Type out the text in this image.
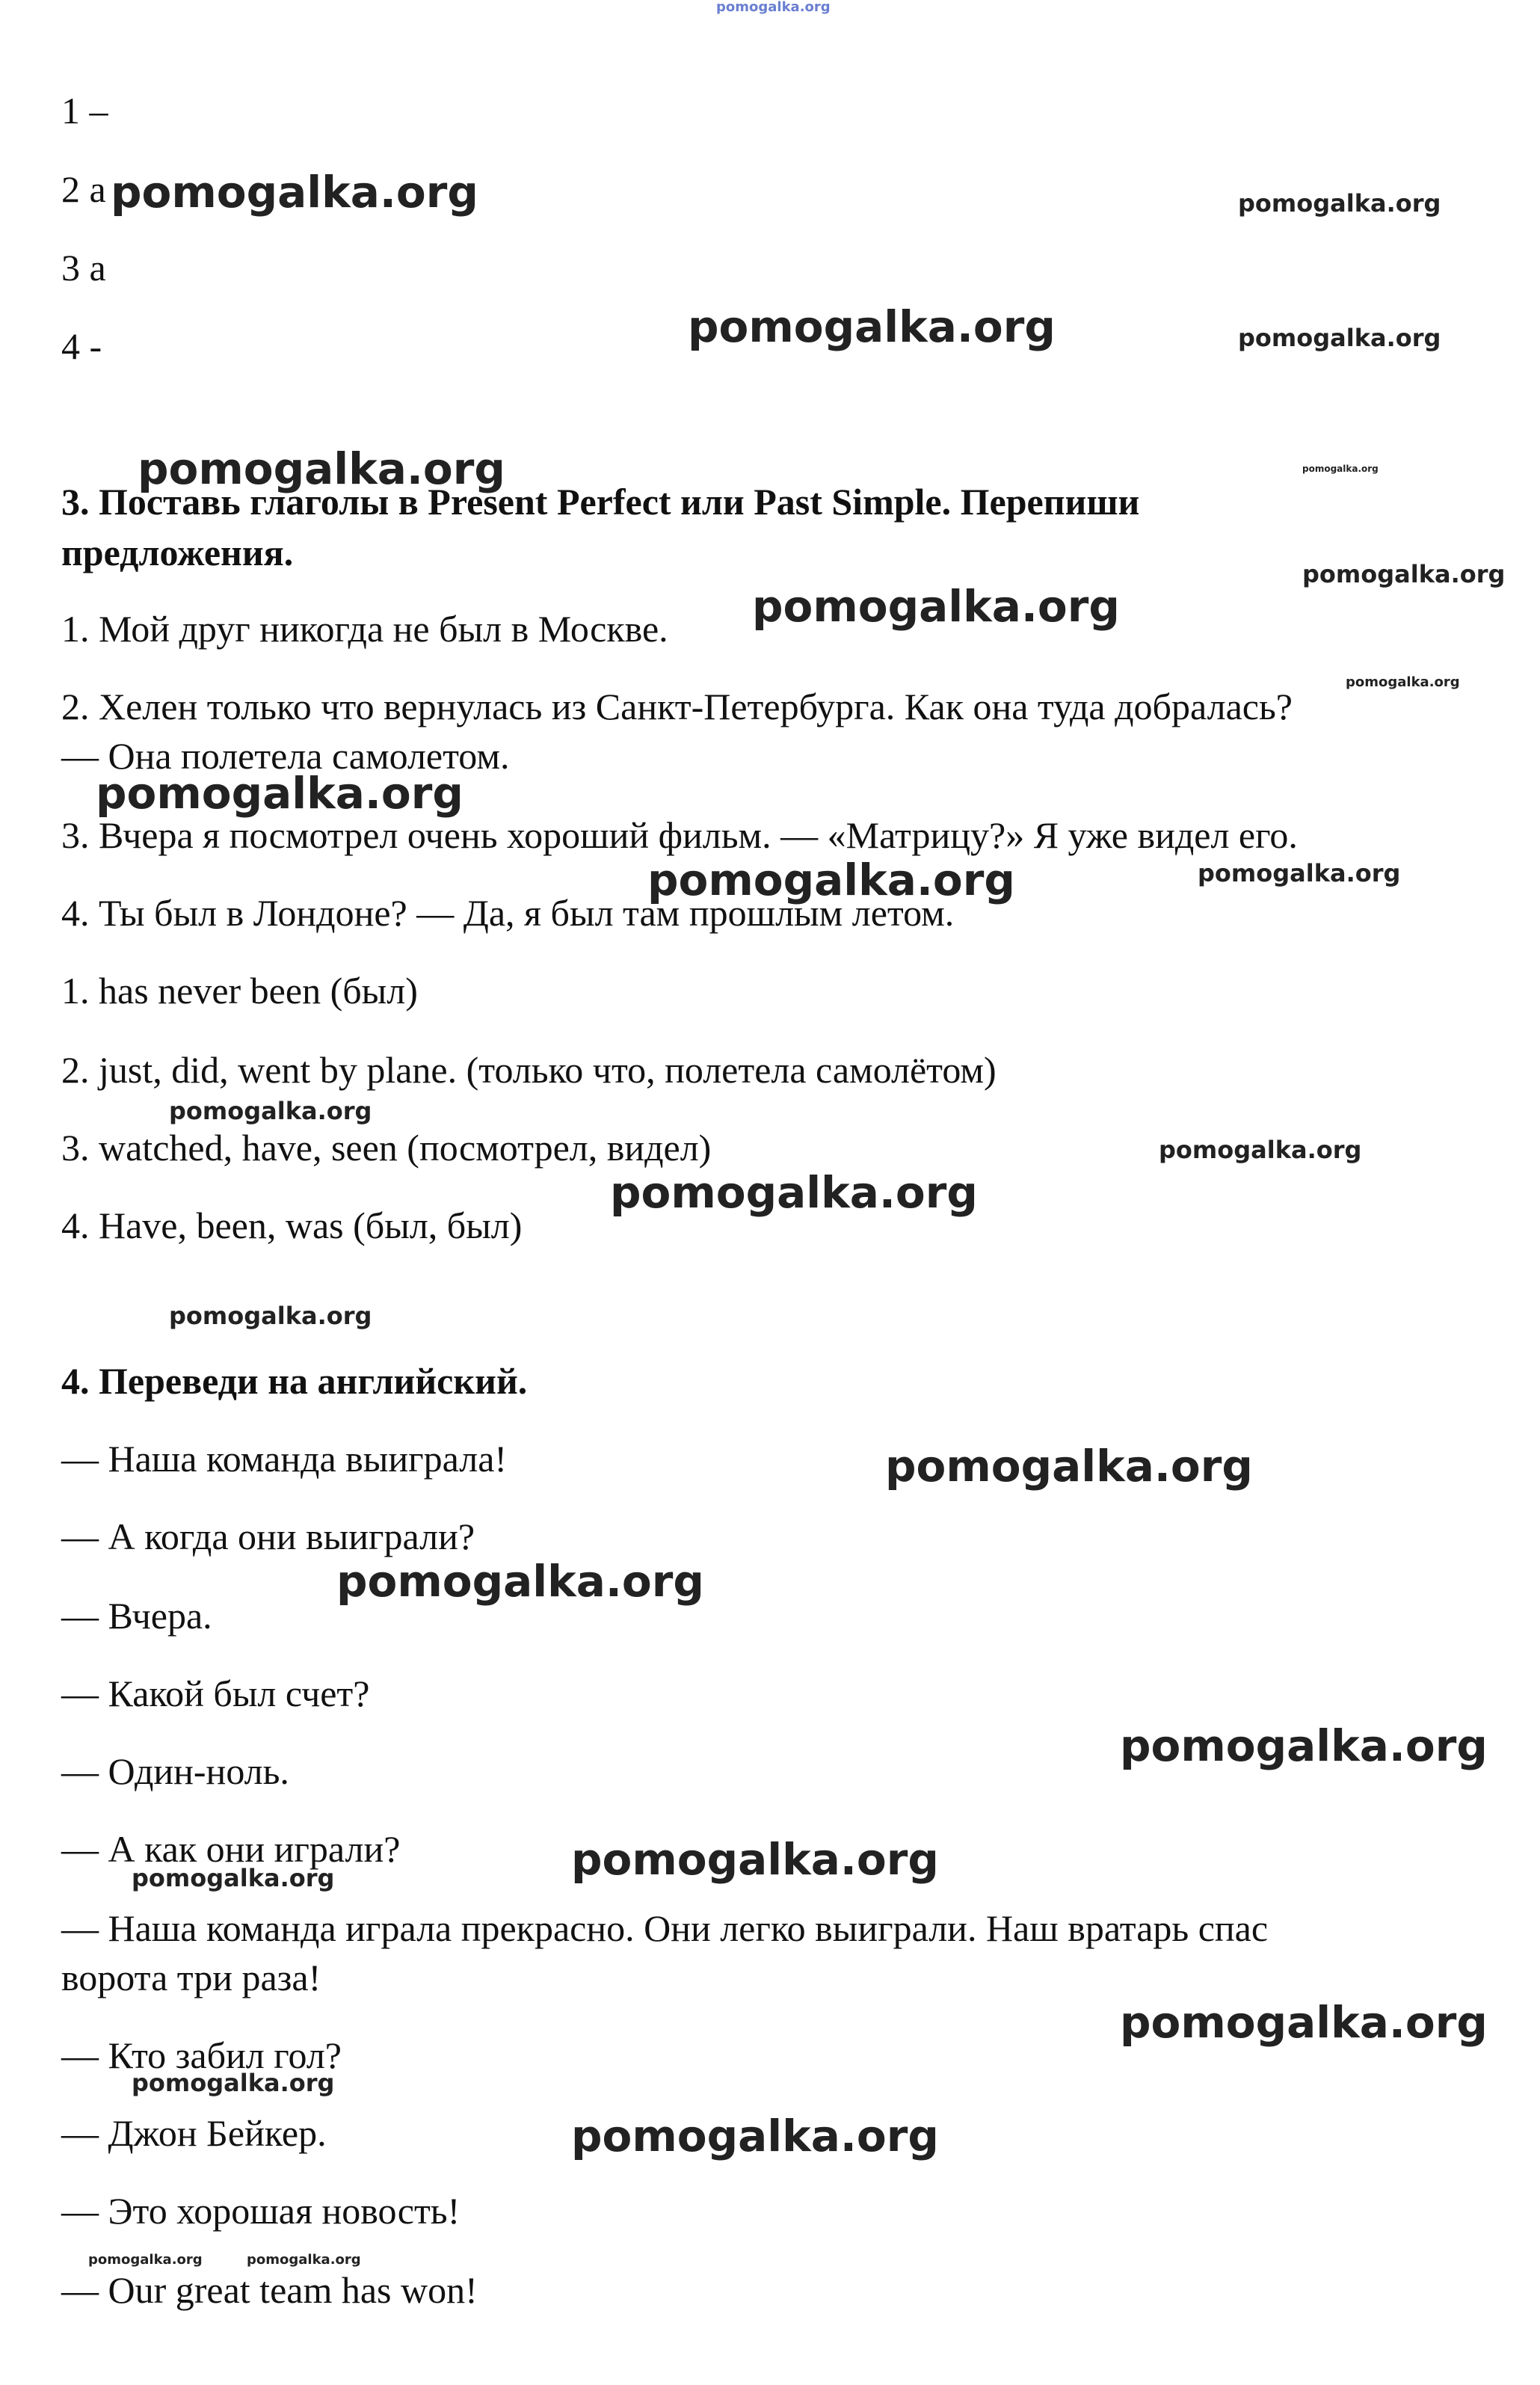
pomogalka.org
1 –
2 a
3 a
4 -
3. Поставь глаголы в Present Perfect или Past Simple. Перепиши
предложения.
1. Мой друг никогда не был в Москве.
2. Хелен только что вернулась из Санкт-Петербурга. Как она туда добралась?
— Она полетела самолетом.
3. Вчера я посмотрел очень хороший фильм. — «Матрицу?» Я уже видел его.
4. Ты был в Лондоне? — Да, я был там прошлым летом.
1. has never been (был)
2. just, did, went by plane. (только что, полетела самолётом)
3. watched, have, seen (посмотрел, видел)
4. Have, been, was (был, был)
4. Переведи на английский.
— Наша команда выиграла!
— А когда они выиграли?
— Вчера.
— Какой был счет?
— Один-ноль.
— А как они играли?
— Наша команда играла прекрасно. Они легко выиграли. Наш вратарь спас
ворота три раза!
— Кто забил гол?
— Джон Бейкер.
— Это хорошая новость!
— Our great team has won!
pomogalka.org	pomogalka.org
pomogalka.org	pomogalka.org
pomogalka.org	pomogalka.org
pomogalka.org
pomogalka.org
pomogalka.org
pomogalka.org
pomogalka.org	pomogalka.org
pomogalka.org
pomogalka.org
pomogalka.org
pomogalka.org
pomogalka.org
pomogalka.org
pomogalka.org
pomogalka.org
pomogalka.org
pomogalka.org
pomogalka.org
pomogalka.org
pomogalka.org	pomogalka.org
